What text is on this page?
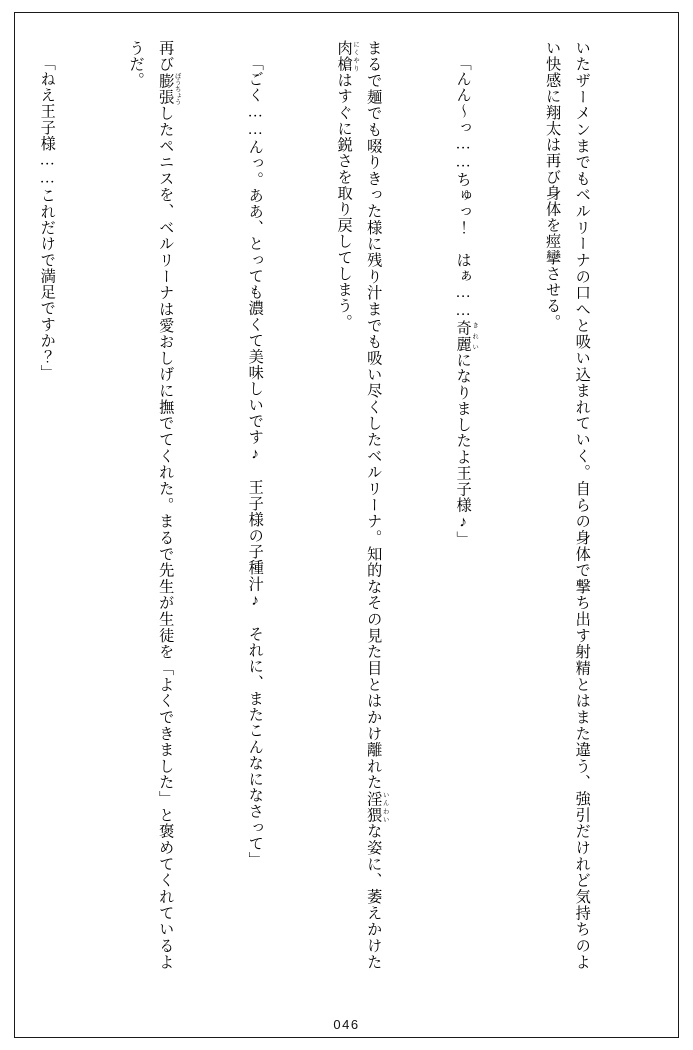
いたザーメンまでもベルリーナの口へと吸い込まれていく。自らの身体で撃ち出す射精とはまた違う、強引だけれど気持ちのよい快感に翔太は再び身体を痙攣させる。

「んん～っ……ちゅっ！　はぁ……奇麗 きれいになりましたよ王子様♪」

まるで麺でも啜りきった様に残り汁までも吸い尽くしたベルリーナ。知的なその見た目とはかけ離れた淫猥 いんわいな姿に、萎えかけた肉槍 にくやりはすぐに鋭さを取り戻してしまう。

「ごく……んっ。ああ、とっても濃くて美味しいです♪　王子様の子種汁♪　それに、またこんなになさって」

再び膨張 ぼうちょうしたペニスを、ベルリーナは愛おしげに撫でてくれた。まるで先生が生徒を「よくできました」と褒めてくれているようだ。

「ねえ王子様……これだけで満足ですか？」

046
